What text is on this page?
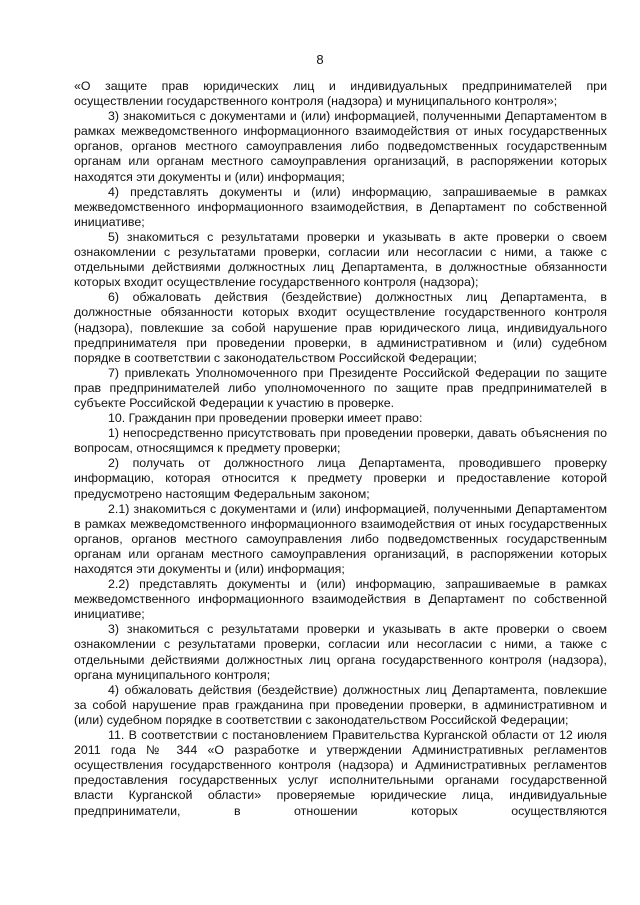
8

«О защите прав юридических лиц и индивидуальных предпринимателей при осуществлении государственного контроля (надзора) и муниципального контроля»;

3) знакомиться с документами и (или) информацией, полученными Департаментом в рамках межведомственного информационного взаимодействия от иных государственных органов, органов местного самоуправления либо подведомственных государственным органам или органам местного самоуправления организаций, в распоряжении которых находятся эти документы и (или) информация;

4) представлять документы и (или) информацию, запрашиваемые в рамках межведомственного информационного взаимодействия, в Департамент по собственной инициативе;

5) знакомиться с результатами проверки и указывать в акте проверки о своем ознакомлении с результатами проверки, согласии или несогласии с ними, а также с отдельными действиями должностных лиц Департамента, в должностные обязанности которых входит осуществление государственного контроля (надзора);

6) обжаловать действия (бездействие) должностных лиц Департамента, в должностные обязанности которых входит осуществление государственного контроля (надзора), повлекшие за собой нарушение прав юридического лица, индивидуального предпринимателя при проведении проверки, в административном и (или) судебном порядке в соответствии с законодательством Российской Федерации;

7) привлекать Уполномоченного при Президенте Российской Федерации по защите прав предпринимателей либо уполномоченного по защите прав предпринимателей в субъекте Российской Федерации к участию в проверке.

10. Гражданин при проведении проверки имеет право:

1) непосредственно присутствовать при проведении проверки, давать объяснения по вопросам, относящимся к предмету проверки;

2) получать от должностного лица Департамента, проводившего проверку информацию, которая относится к предмету проверки и предоставление которой предусмотрено настоящим Федеральным законом;

2.1) знакомиться с документами и (или) информацией, полученными Департаментом в рамках межведомственного информационного взаимодействия от иных государственных органов, органов местного самоуправления либо подведомственных государственным органам или органам местного самоуправления организаций, в распоряжении которых находятся эти документы и (или) информация;

2.2) представлять документы и (или) информацию, запрашиваемые в рамках межведомственного информационного взаимодействия в Департамент по собственной инициативе;

3) знакомиться с результатами проверки и указывать в акте проверки о своем ознакомлении с результатами проверки, согласии или несогласии с ними, а также с отдельными действиями должностных лиц органа государственного контроля (надзора), органа муниципального контроля;

4) обжаловать действия (бездействие) должностных лиц Департамента, повлекшие за собой нарушение прав гражданина при проведении проверки, в административном и (или) судебном порядке в соответствии с законодательством Российской Федерации;

11. В соответствии с постановлением Правительства Курганской области от 12 июля 2011 года № 344 «О разработке и утверждении Административных регламентов осуществления государственного контроля (надзора) и Административных регламентов предоставления государственных услуг исполнительными органами государственной власти Курганской области» проверяемые юридические лица, индивидуальные предприниматели, в отношении которых осуществляются
